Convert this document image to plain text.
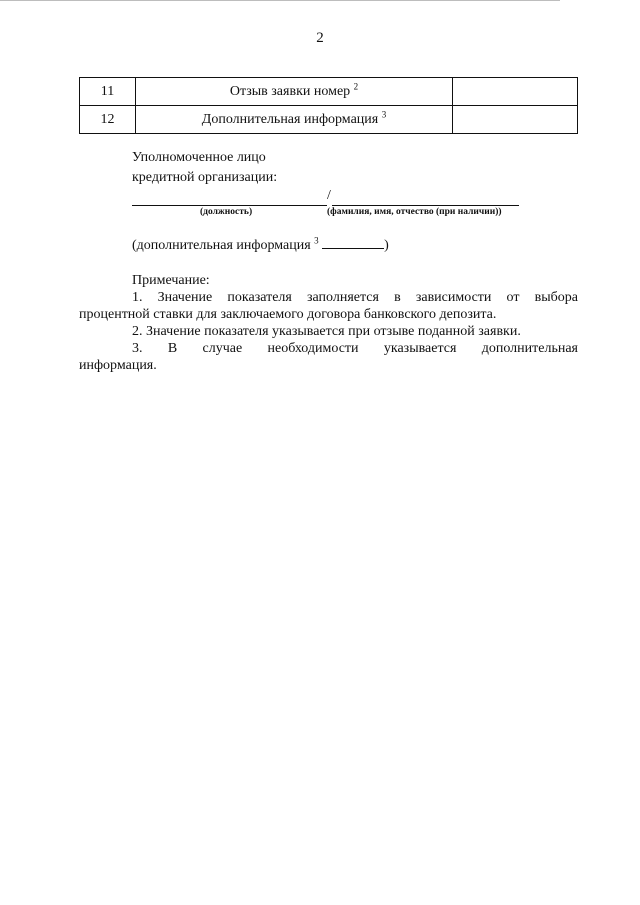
2
11	Отзыв заявки номер $^2$	
12	Дополнительная информация $^3$	
Уполномоченное лицо
кредитной организации:
/
(должность)	(фамилия, имя, отчество (при наличии))
(дополнительная информация $^3$	)
Примечание:
1. Значение показателя заполняется в зависимости от выбора
процентной ставки для заключаемого договора банковского депозита.
2. Значение показателя указывается при отзыве поданной заявки.
3. В случае необходимости указывается дополнительная
информация.
